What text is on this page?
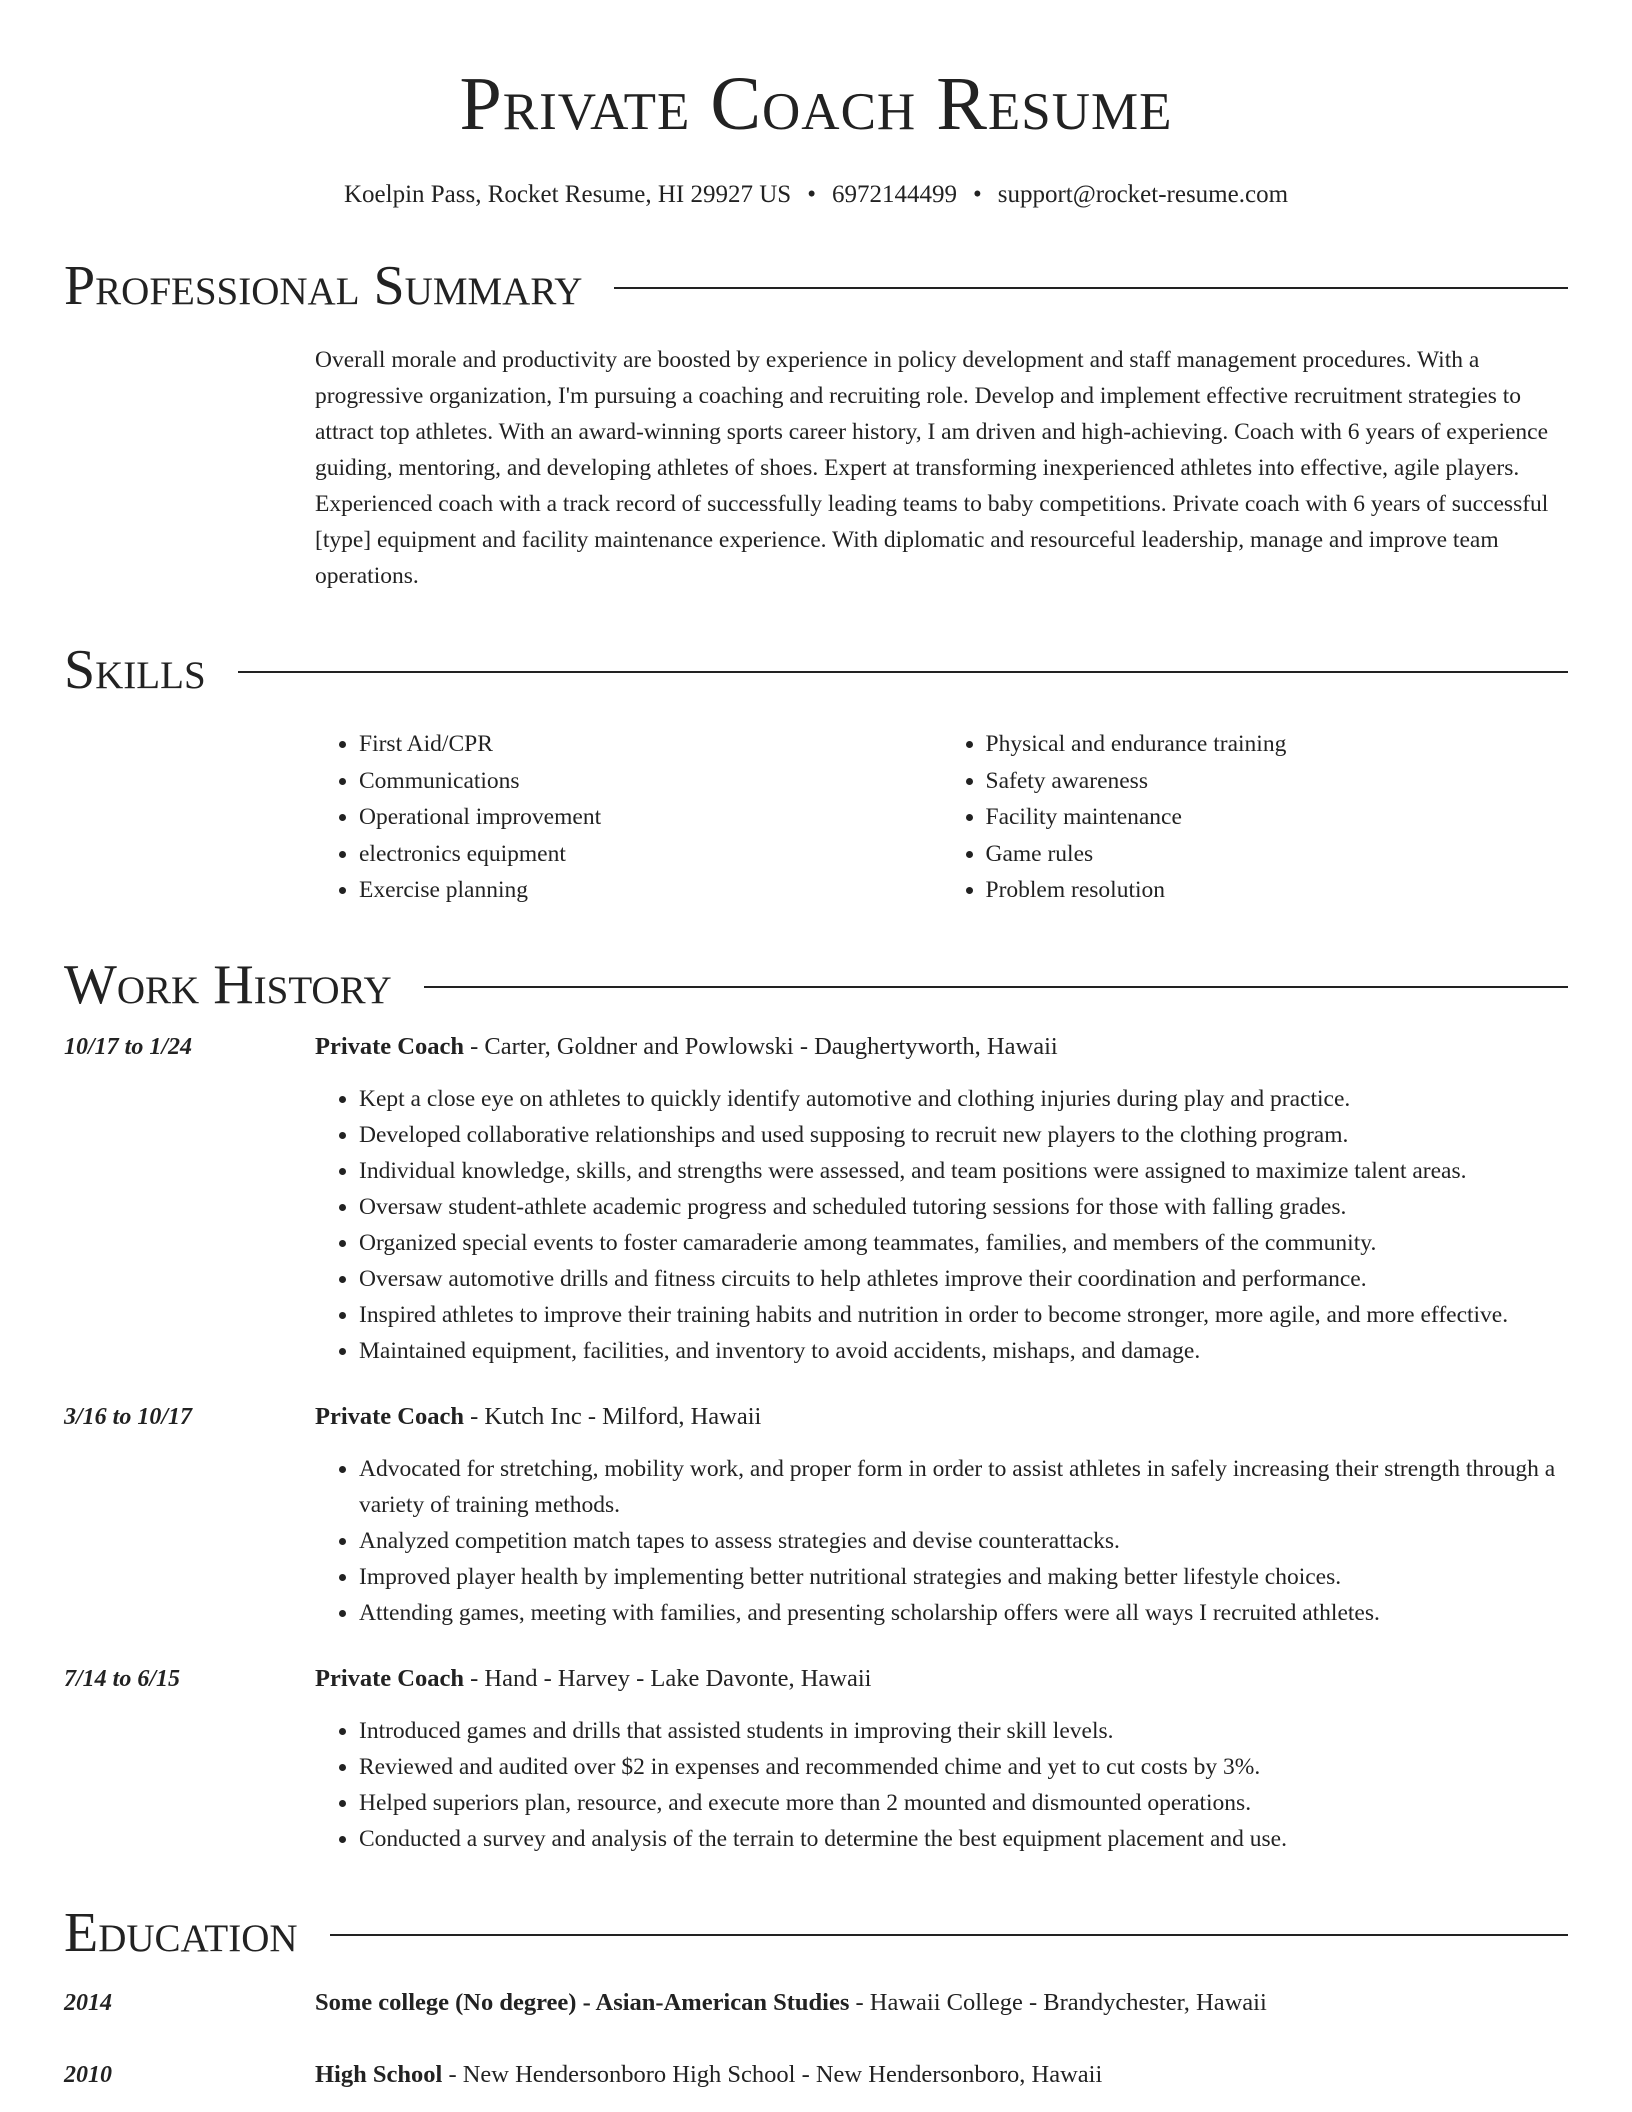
Private Coach Resume
Koelpin Pass, Rocket Resume, HI 29927 US • 6972144499 • support@rocket-resume.com
Professional Summary
Overall morale and productivity are boosted by experience in policy development and staff management procedures. With a progressive organization, I'm pursuing a coaching and recruiting role. Develop and implement effective recruitment strategies to attract top athletes. With an award-winning sports career history, I am driven and high-achieving. Coach with 6 years of experience guiding, mentoring, and developing athletes of shoes. Expert at transforming inexperienced athletes into effective, agile players. Experienced coach with a track record of successfully leading teams to baby competitions. Private coach with 6 years of successful [type] equipment and facility maintenance experience. With diplomatic and resourceful leadership, manage and improve team operations.
Skills
• First Aid/CPR
• Communications
• Operational improvement
• electronics equipment
• Exercise planning
• Physical and endurance training
• Safety awareness
• Facility maintenance
• Game rules
• Problem resolution
Work History
10/17 to 1/24	Private Coach - Carter, Goldner and Powlowski - Daughertyworth, Hawaii
• Kept a close eye on athletes to quickly identify automotive and clothing injuries during play and practice.
• Developed collaborative relationships and used supposing to recruit new players to the clothing program.
• Individual knowledge, skills, and strengths were assessed, and team positions were assigned to maximize talent areas.
• Oversaw student-athlete academic progress and scheduled tutoring sessions for those with falling grades.
• Organized special events to foster camaraderie among teammates, families, and members of the community.
• Oversaw automotive drills and fitness circuits to help athletes improve their coordination and performance.
• Inspired athletes to improve their training habits and nutrition in order to become stronger, more agile, and more effective.
• Maintained equipment, facilities, and inventory to avoid accidents, mishaps, and damage.
3/16 to 10/17	Private Coach - Kutch Inc - Milford, Hawaii
• Advocated for stretching, mobility work, and proper form in order to assist athletes in safely increasing their strength through a variety of training methods.
• Analyzed competition match tapes to assess strategies and devise counterattacks.
• Improved player health by implementing better nutritional strategies and making better lifestyle choices.
• Attending games, meeting with families, and presenting scholarship offers were all ways I recruited athletes.
7/14 to 6/15	Private Coach - Hand - Harvey - Lake Davonte, Hawaii
• Introduced games and drills that assisted students in improving their skill levels.
• Reviewed and audited over $2 in expenses and recommended chime and yet to cut costs by 3%.
• Helped superiors plan, resource, and execute more than 2 mounted and dismounted operations.
• Conducted a survey and analysis of the terrain to determine the best equipment placement and use.
Education
2014	Some college (No degree) - Asian-American Studies - Hawaii College - Brandychester, Hawaii
2010	High School - New Hendersonboro High School - New Hendersonboro, Hawaii
